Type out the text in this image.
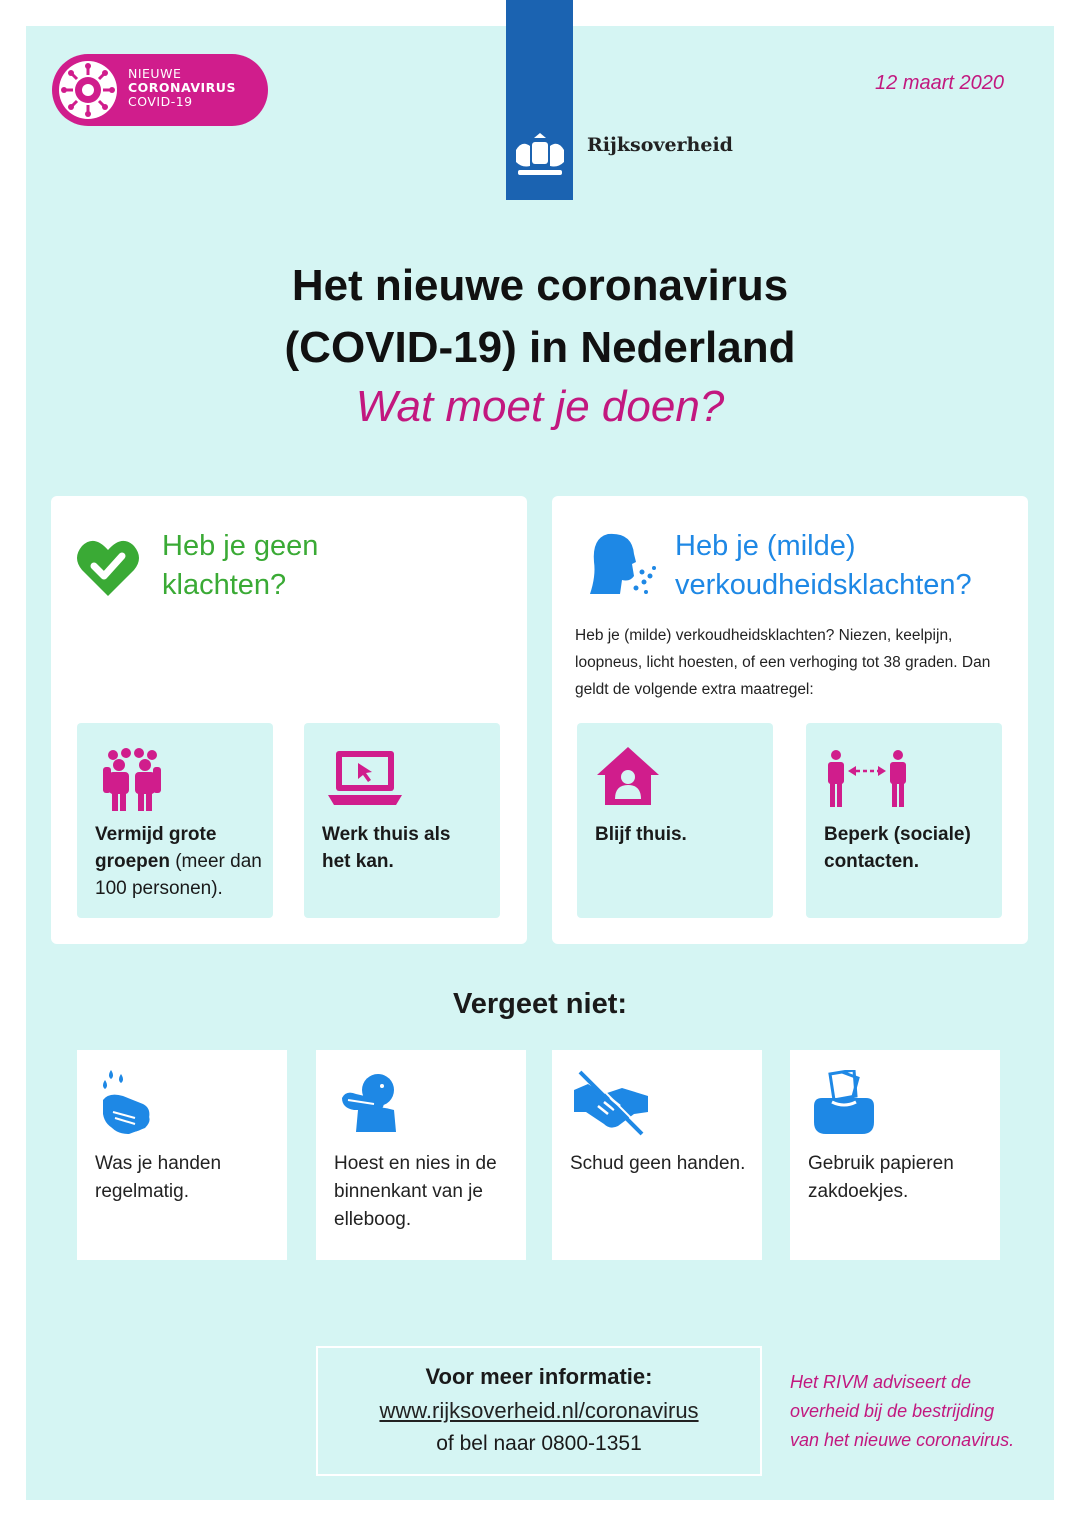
Rijksoverheid
NIEUWE
CORONAVIRUS
COVID-19
12 maart 2020
Het nieuwe coronavirus
(COVID-19) in Nederland
Wat moet je doen?
Heb je geen
klachten?
Vermijd grote groepen (meer dan 100 personen).
Werk thuis als het kan.
Heb je (milde)
verkoudheidsklachten?
Heb je (milde) verkoudheidsklachten? Niezen, keelpijn, loopneus, licht hoesten, of een verhoging tot 38 graden. Dan geldt de volgende extra maatregel:
Blijf thuis.	Beperk (sociale) contacten.
Vergeet niet:
Was je handen regelmatig.
Hoest en nies in de binnenkant van je elleboog.
Schud geen handen.	Gebruik papieren zakdoekjes.
Voor meer informatie:
www.rijksoverheid.nl/coronavirus
of bel naar 0800-1351
Het RIVM adviseert de overheid bij de bestrijding van het nieuwe coronavirus.
